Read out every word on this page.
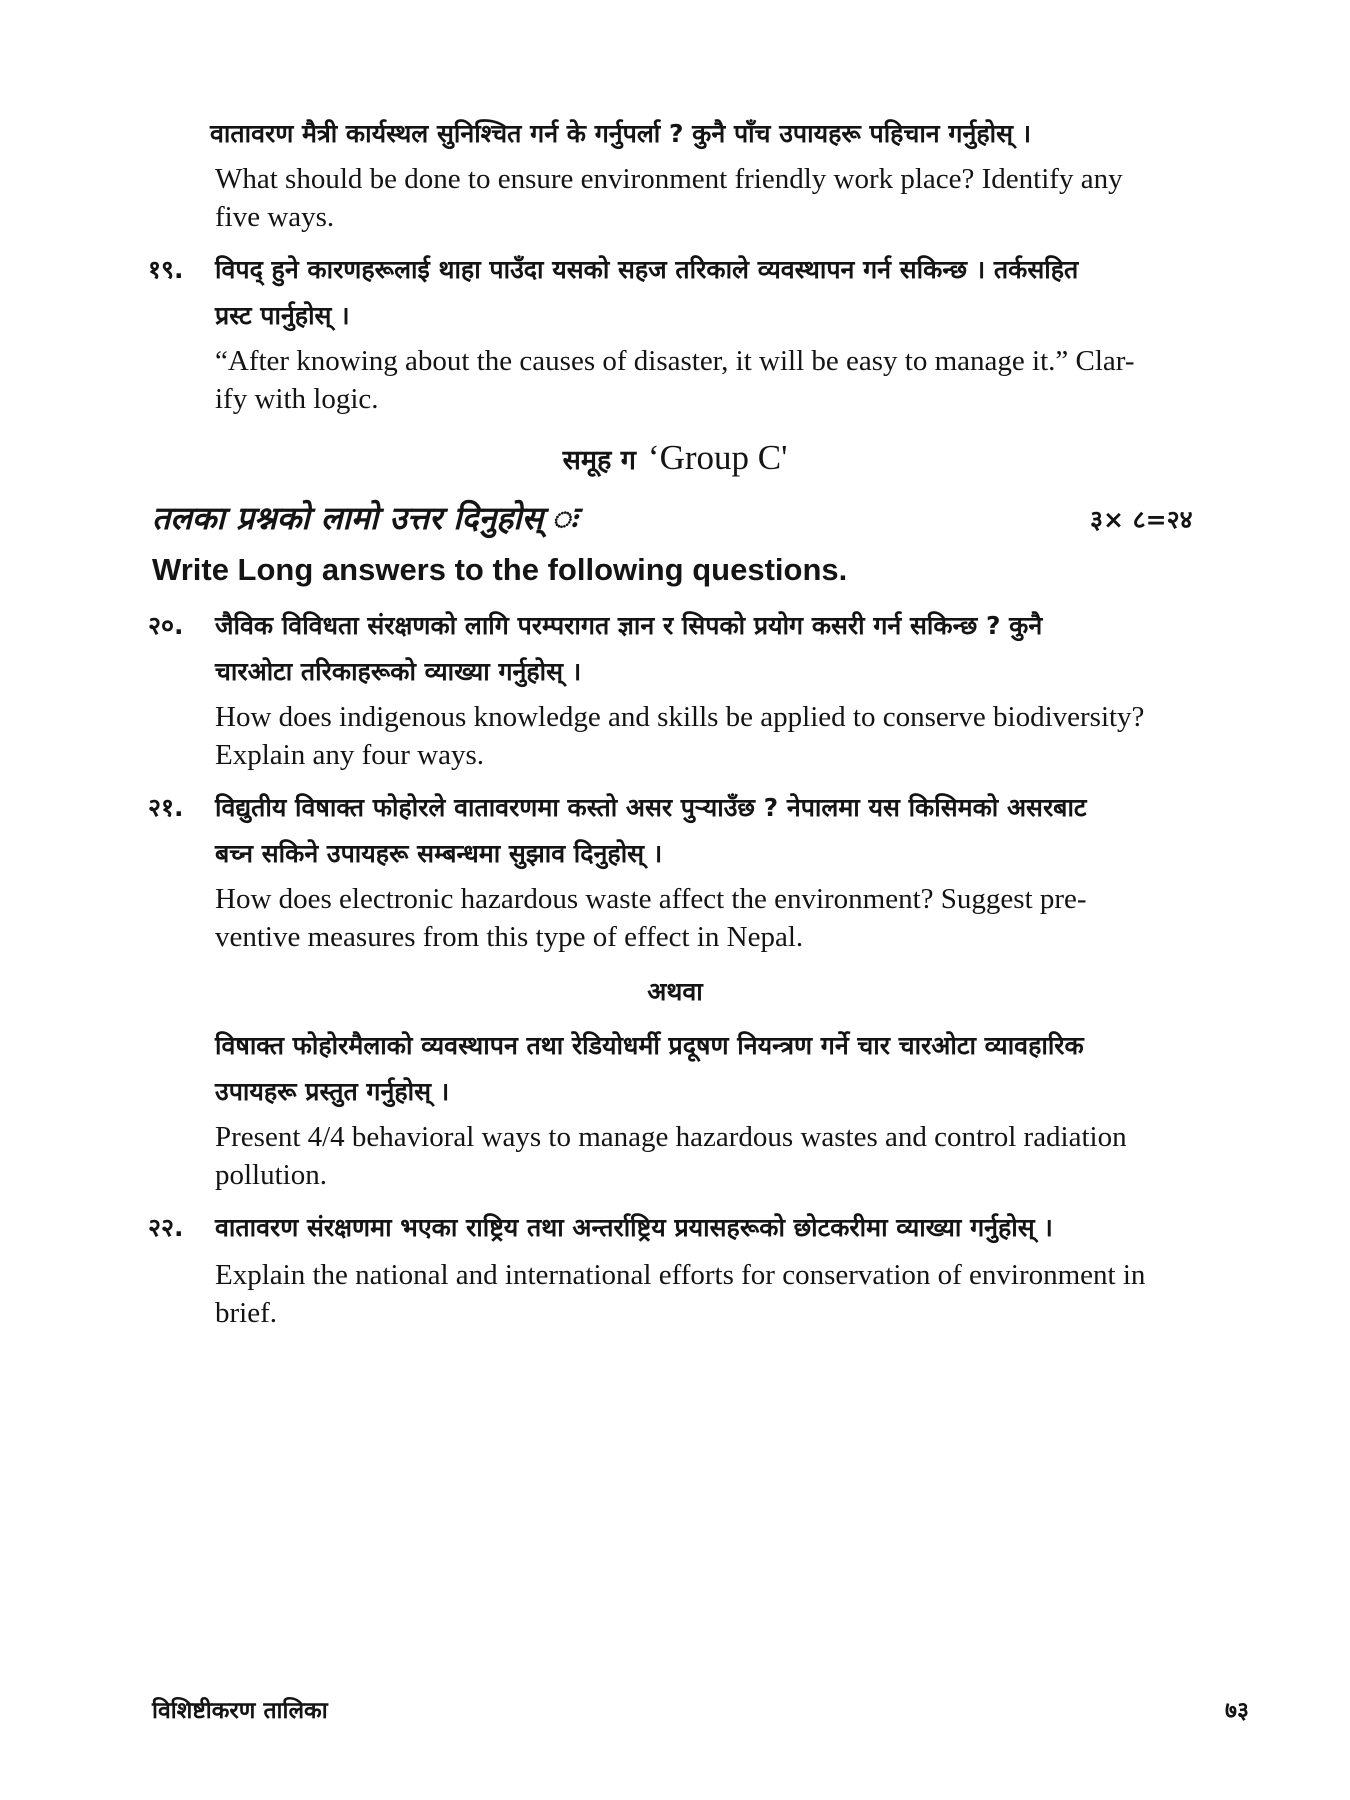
वातावरण मैत्री कार्यस्थल सुनिश्चित गर्न के गर्नुपर्ला ? कुनै पाँच उपायहरू पहिचान गर्नुहोस् ।
What should be done to ensure environment friendly work place? Identify any
five ways.
१९. विपद् हुने कारणहरूलाई थाहा पाउँदा यसको सहज तरिकाले व्यवस्थापन गर्न सकिन्छ । तर्कसहित
प्रस्ट पार्नुहोस् ।
“After knowing about the causes of disaster, it will be easy to manage it.” Clar-
ify with logic.
समूह ग ‘Group C'
तलका प्रश्नको लामो उत्तर दिनुहोस् ः	३× ८=२४
Write Long answers to the following questions.
२०. जैविक विविधता संरक्षणको लागि परम्परागत ज्ञान र सिपको प्रयोग कसरी गर्न सकिन्छ ? कुनै
चारओटा तरिकाहरूको व्याख्या गर्नुहोस् ।
How does indigenous knowledge and skills be applied to conserve biodiversity?
Explain any four ways.
२१. विद्युतीय विषाक्त फोहोरले वातावरणमा कस्तो असर पुऱ्याउँछ ? नेपालमा यस किसिमको असरबाट
बच्न सकिने उपायहरू सम्बन्धमा सुझाव दिनुहोस् ।
How does electronic hazardous waste affect the environment? Suggest pre-
ventive measures from this type of effect in Nepal.
अथवा
विषाक्त फोहोरमैलाको व्यवस्थापन तथा रेडियोधर्मी प्रदूषण नियन्त्रण गर्ने चार चारओटा व्यावहारिक
उपायहरू प्रस्तुत गर्नुहोस् ।
Present 4/4 behavioral ways to manage hazardous wastes and control radiation
pollution.
२२. वातावरण संरक्षणमा भएका राष्ट्रिय तथा अन्तर्राष्ट्रिय प्रयासहरूको छोटकरीमा व्याख्या गर्नुहोस् ।
Explain the national and international efforts for conservation of environment in
brief.
विशिष्टीकरण तालिका	७३
